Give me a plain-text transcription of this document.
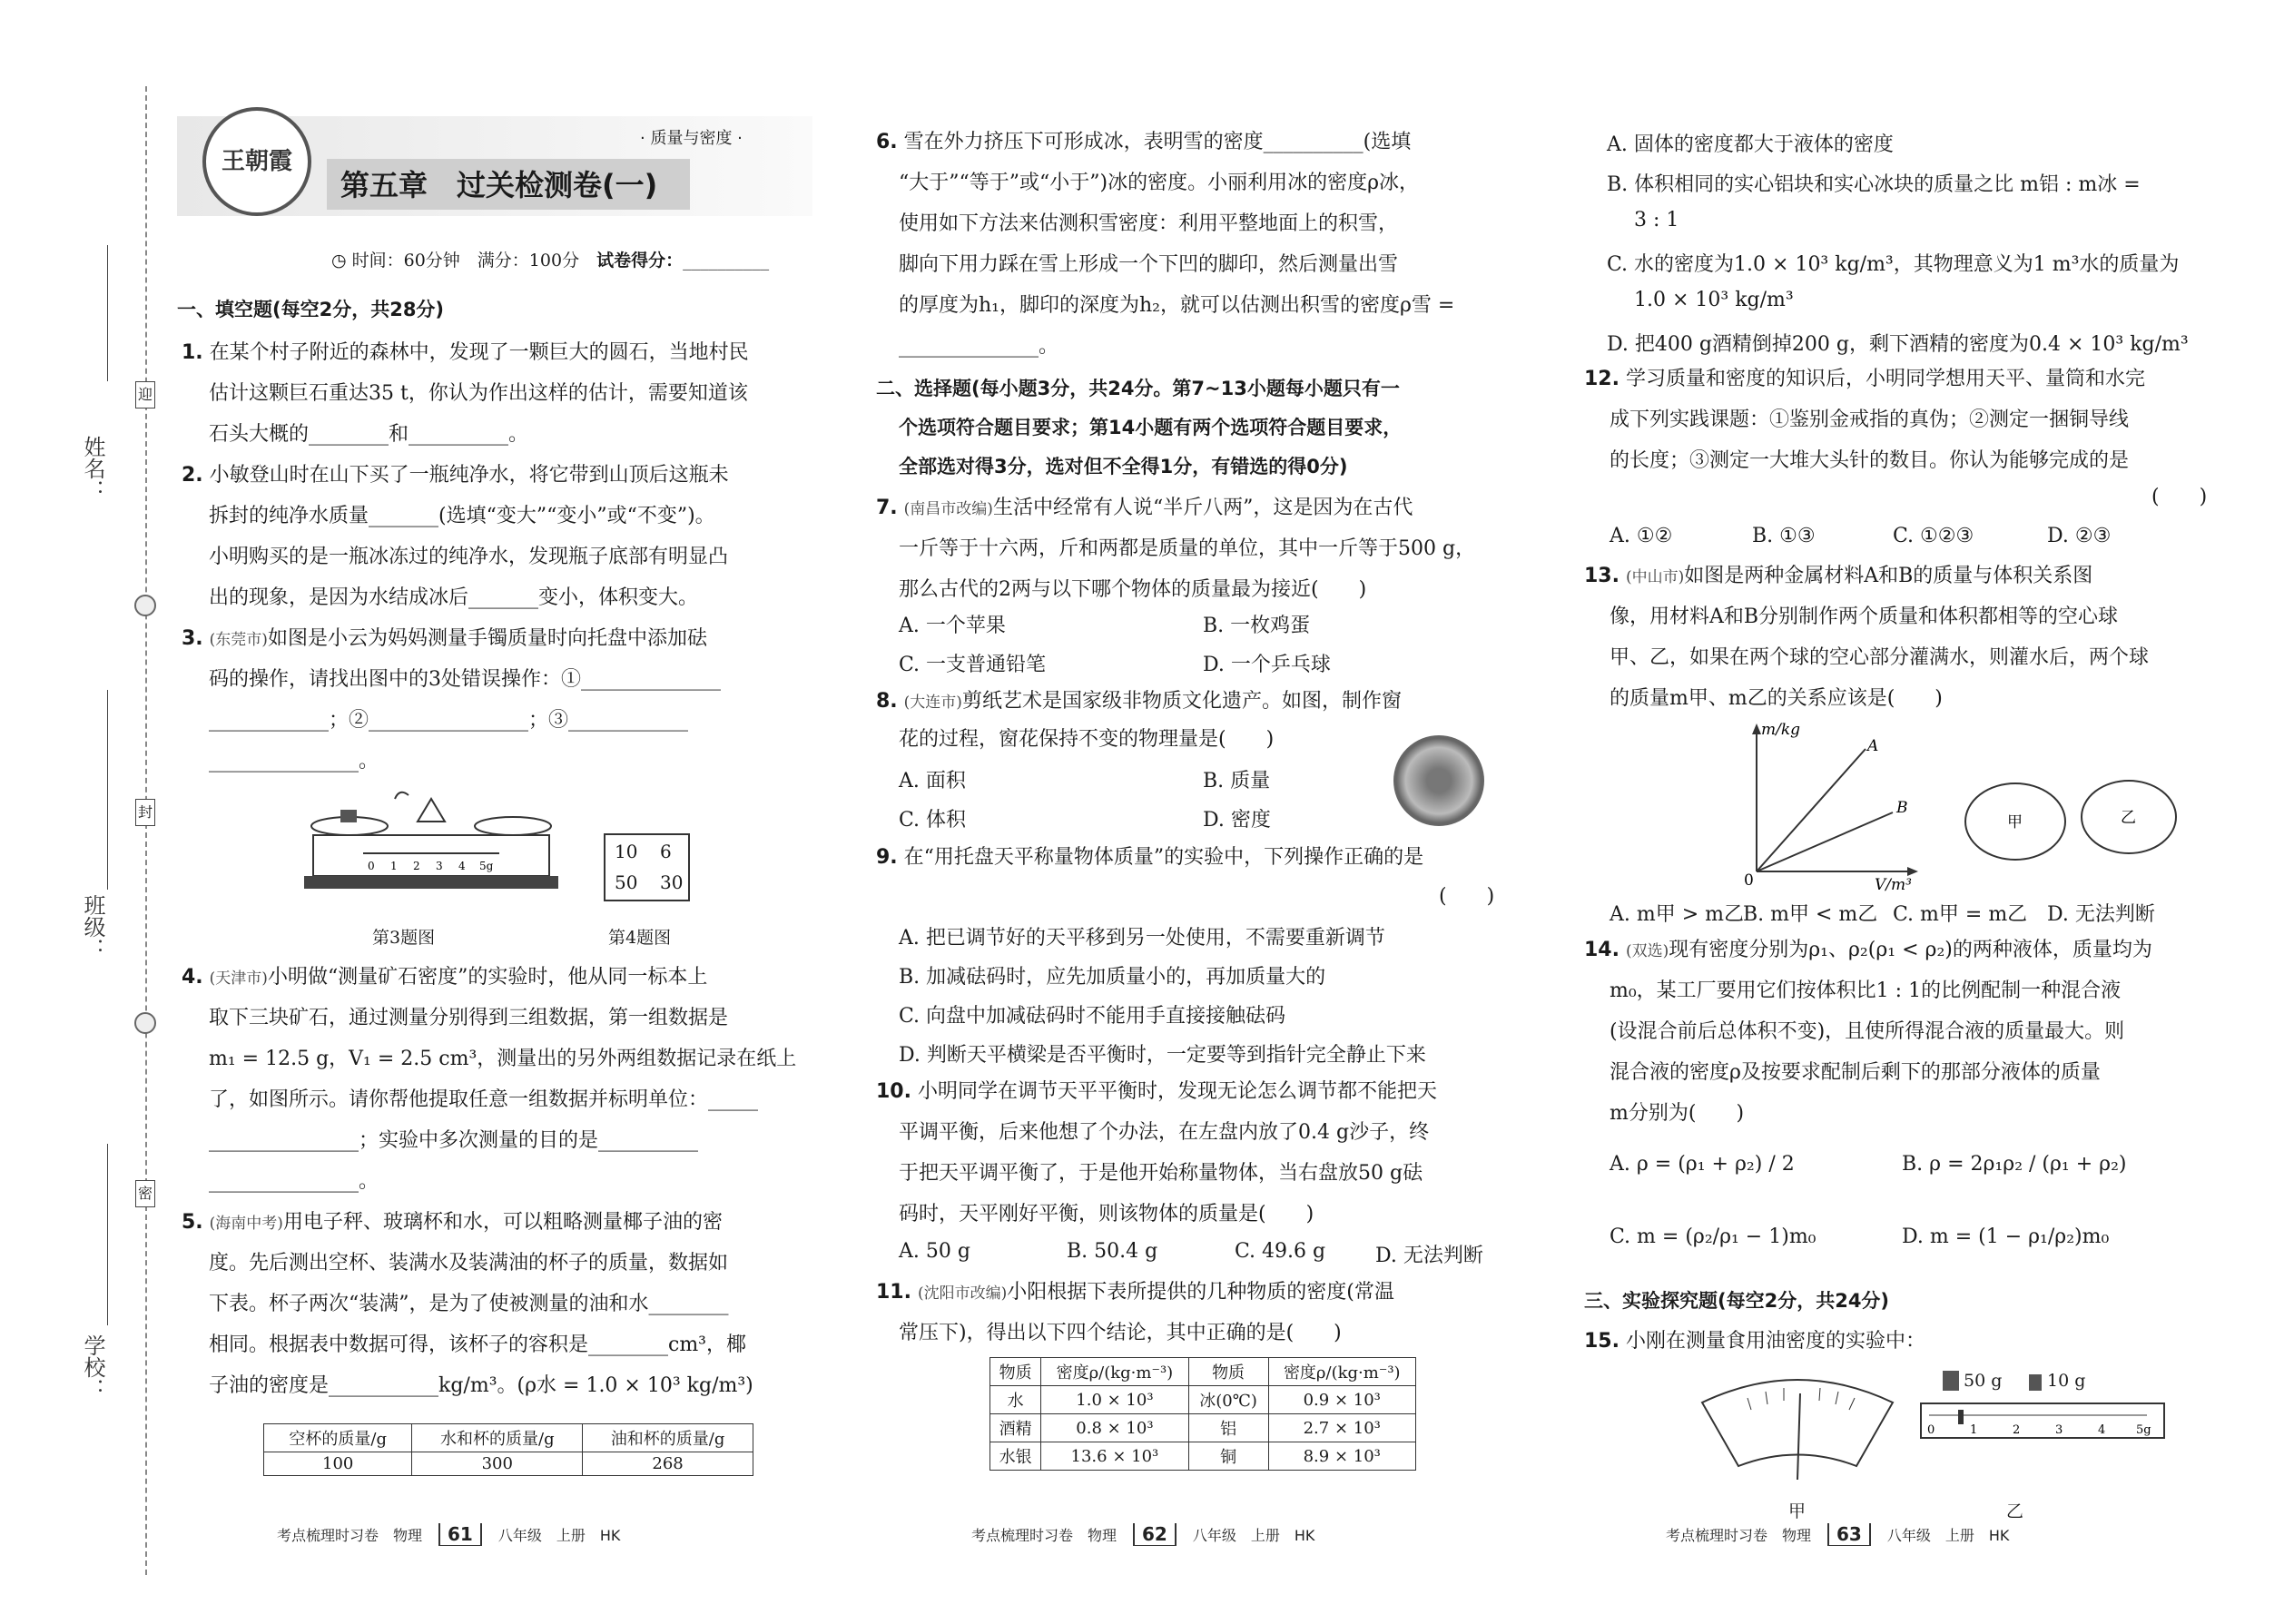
姓名：
班级：
学校：
迎
封
密
王朝霞
· 质量与密度 ·
第五章　过关检测卷(一)
◷ 时间：60分钟　满分：100分　 试卷得分：__________
一、填空题(每空2分，共28分)
1. 在某个村子附近的森林中，发现了一颗巨大的圆石，当地村民
估计这颗巨石重达35 t，你认为作出这样的估计，需要知道该
石头大概的________和__________。
2. 小敏登山时在山下买了一瓶纯净水，将它带到山顶后这瓶未
拆封的纯净水质量_______(选填“变大”“变小”或“不变”)。
小明购买的是一瓶冰冻过的纯净水，发现瓶子底部有明显凸
出的现象，是因为水结成冰后_______变小，体积变大。
3. (东莞市)如图是小云为妈妈测量手镯质量时向托盘中添加砝
码的操作，请找出图中的3处错误操作：①______________
____________；②________________；③____________
_______________。
0 1 2 3 4 5g
10 6
50 30
第3题图	第4题图
4. (天津市)小明做“测量矿石密度”的实验时，他从同一标本上
取下三块矿石，通过测量分别得到三组数据，第一组数据是
m₁ = 12.5 g，V₁ = 2.5 cm³，测量出的另外两组数据记录在纸上
了，如图所示。请你帮他提取任意一组数据并标明单位：_____
_______________；实验中多次测量的目的是__________
_______________。
5. (海南中考)用电子秤、玻璃杯和水，可以粗略测量椰子油的密
度。先后测出空杯、装满水及装满油的杯子的质量，数据如
下表。杯子两次“装满”，是为了使被测量的油和水________
相同。根据表中数据可得，该杯子的容积是________cm³，椰
子油的密度是___________kg/m³。(ρ水 = 1.0 × 10³ kg/m³)
空杯的质量/g	水和杯的质量/g	油和杯的质量/g
100	300	268
考点梳理时习卷　物理 61 八年级　上册　HK
6. 雪在外力挤压下可形成冰，表明雪的密度__________(选填
“大于”“等于”或“小于”)冰的密度。小丽利用冰的密度ρ冰，
使用如下方法来估测积雪密度：利用平整地面上的积雪，
脚向下用力踩在雪上形成一个下凹的脚印，然后测量出雪
的厚度为h₁，脚印的深度为h₂，就可以估测出积雪的密度ρ雪 =
______________。
二、选择题(每小题3分，共24分。第7~13小题每小题只有一
个选项符合题目要求；第14小题有两个选项符合题目要求，
全部选对得3分，选对但不全得1分，有错选的得0分)
7. (南昌市改编)生活中经常有人说“半斤八两”，这是因为在古代
一斤等于十六两，斤和两都是质量的单位，其中一斤等于500 g，
那么古代的2两与以下哪个物体的质量最为接近(　　)
A. 一个苹果	B. 一枚鸡蛋
C. 一支普通铅笔	D. 一个乒乓球
8. (大连市)剪纸艺术是国家级非物质文化遗产。如图，制作窗
花的过程，窗花保持不变的物理量是(　　)
A. 面积	B. 质量
C. 体积	D. 密度
9. 在“用托盘天平称量物体质量”的实验中，下列操作正确的是
(　　)
A. 把已调节好的天平移到另一处使用，不需要重新调节
B. 加减砝码时，应先加质量小的，再加质量大的
C. 向盘中加减砝码时不能用手直接接触砝码
D. 判断天平横梁是否平衡时，一定要等到指针完全静止下来
10. 小明同学在调节天平平衡时，发现无论怎么调节都不能把天
平调平衡，后来他想了个办法，在左盘内放了0.4 g沙子，终
于把天平调平衡了，于是他开始称量物体，当右盘放50 g砝
码时，天平刚好平衡，则该物体的质量是(　　)
A. 50 g	B. 50.4 g	C. 49.6 g D. 无法判断
11. (沈阳市改编)小阳根据下表所提供的几种物质的密度(常温
常压下)，得出以下四个结论，其中正确的是(　　)
物质	密度ρ/(kg·m⁻³)	物质	密度ρ/(kg·m⁻³)
水	1.0 × 10³	冰(0℃)	0.9 × 10³
酒精	0.8 × 10³	铝	2.7 × 10³
水银	13.6 × 10³	铜	8.9 × 10³
考点梳理时习卷　物理 62 八年级　上册　HK
A. 固体的密度都大于液体的密度
B. 体积相同的实心铝块和实心冰块的质量之比 m铝 : m冰 =
3 : 1
C. 水的密度为1.0 × 10³ kg/m³，其物理意义为1 m³水的质量为
1.0 × 10³ kg/m³
D. 把400 g酒精倒掉200 g，剩下酒精的密度为0.4 × 10³ kg/m³
12. 学习质量和密度的知识后，小明同学想用天平、量筒和水完
成下列实践课题：①鉴别金戒指的真伪；②测定一捆铜导线
的长度；③测定一大堆大头针的数目。你认为能够完成的是
(　　)
A. ①②	B. ①③	C. ①②③	D. ②③
13. (中山市)如图是两种金属材料A和B的质量与体积关系图
像，用材料A和B分别制作两个质量和体积都相等的空心球
甲、乙，如果在两个球的空心部分灌满水，则灌水后，两个球
的质量m甲、m乙的关系应该是(　　)
m/kg
V/m³
0
A
B
甲	乙
A. m甲 > m乙
B. m甲 < m乙 C. m甲 = m乙 D. 无法判断
14. (双选)现有密度分别为ρ₁、ρ₂(ρ₁ < ρ₂)的两种液体，质量均为
m₀，某工厂要用它们按体积比1 : 1的比例配制一种混合液
(设混合前后总体积不变)，且使所得混合液的质量最大。则
混合液的密度ρ及按要求配制后剩下的那部分液体的质量
m分别为(　　)
A. ρ = (ρ₁ + ρ₂) / 2	B. ρ = 2ρ₁ρ₂ / (ρ₁ + ρ₂)
C. m = (ρ₂/ρ₁ − 1)m₀	D. m = (1 − ρ₁/ρ₂)m₀
三、实验探究题(每空2分，共24分)
15. 小刚在测量食用油密度的实验中：
甲
50 g	10 g
0	1	2	3	4	5g
乙
考点梳理时习卷　物理 63 八年级　上册　HK
